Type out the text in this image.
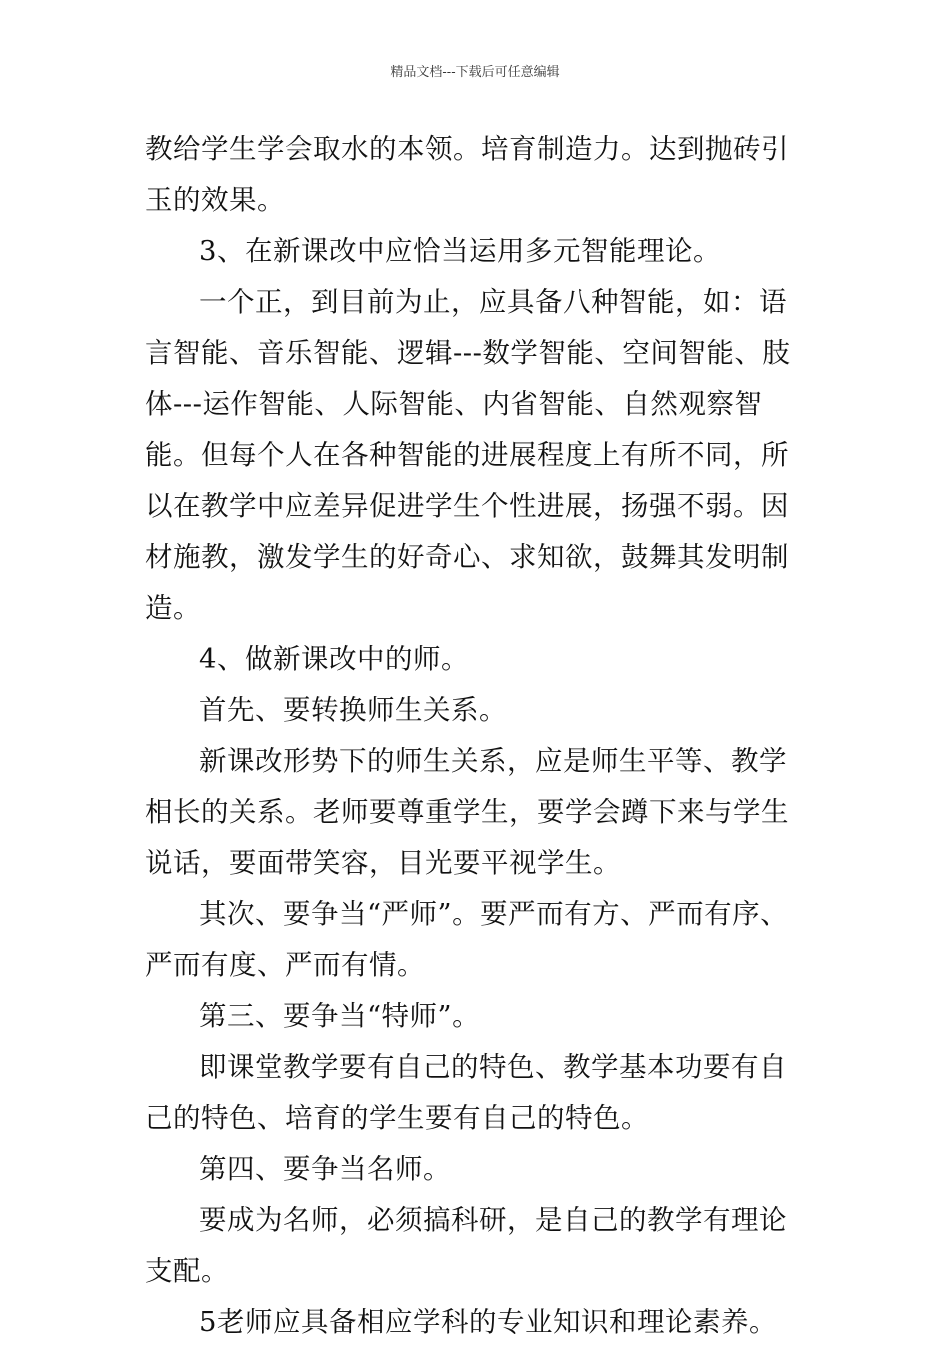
精品文档---下载后可任意编辑

教给学生学会取水的本领。培育制造力。达到抛砖引玉的效果。

3、在新课改中应恰当运用多元智能理论。

一个正，到目前为止，应具备八种智能，如：语言智能、音乐智能、逻辑---数学智能、空间智能、肢体---运作智能、人际智能、内省智能、自然观察智能。但每个人在各种智能的进展程度上有所不同，所以在教学中应差异促进学生个性进展，扬强不弱。因材施教，激发学生的好奇心、求知欲，鼓舞其发明制造。

4、做新课改中的师。

首先、要转换师生关系。

新课改形势下的师生关系，应是师生平等、教学相长的关系。老师要尊重学生，要学会蹲下来与学生说话，要面带笑容，目光要平视学生。

其次、要争当“严师”。要严而有方、严而有序、严而有度、严而有情。

第三、要争当“特师”。

即课堂教学要有自己的特色、教学基本功要有自己的特色、培育的学生要有自己的特色。

第四、要争当名师。

要成为名师，必须搞科研，是自己的教学有理论支配。

5老师应具备相应学科的专业知识和理论素养。
